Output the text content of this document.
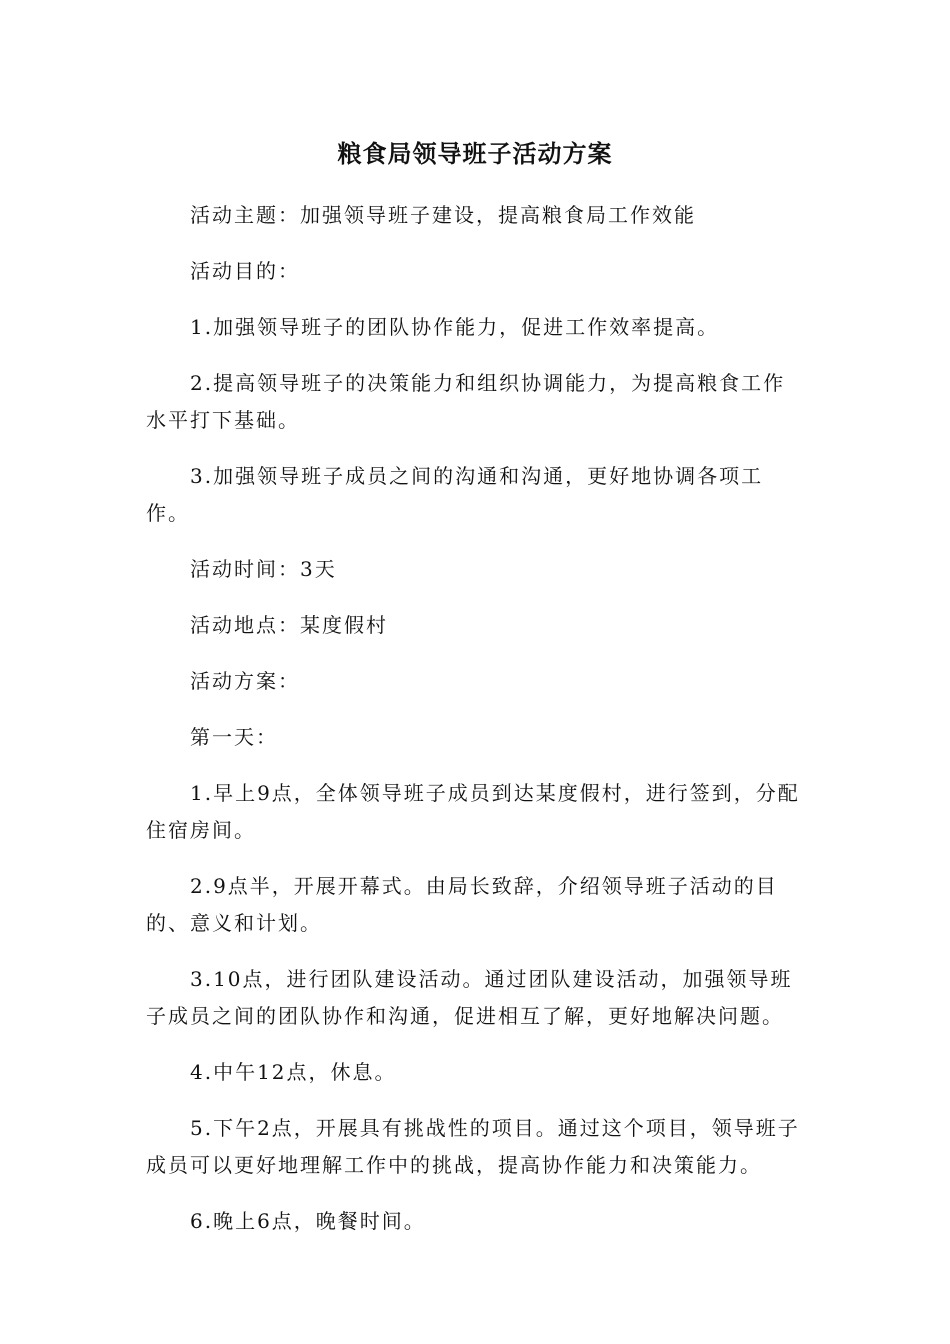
粮食局领导班子活动方案

活动主题：加强领导班子建设，提高粮食局工作效能

活动目的：

1.加强领导班子的团队协作能力，促进工作效率提高。

2.提高领导班子的决策能力和组织协调能力，为提高粮食工作水平打下基础。

3.加强领导班子成员之间的沟通和沟通，更好地协调各项工作。

活动时间：3天

活动地点：某度假村

活动方案：

第一天：

1.早上9点，全体领导班子成员到达某度假村，进行签到，分配住宿房间。

2.9点半，开展开幕式。由局长致辞，介绍领导班子活动的目的、意义和计划。

3.10点，进行团队建设活动。通过团队建设活动，加强领导班子成员之间的团队协作和沟通，促进相互了解，更好地解决问题。

4.中午12点，休息。

5.下午2点，开展具有挑战性的项目。通过这个项目，领导班子成员可以更好地理解工作中的挑战，提高协作能力和决策能力。

6.晚上6点，晚餐时间。
